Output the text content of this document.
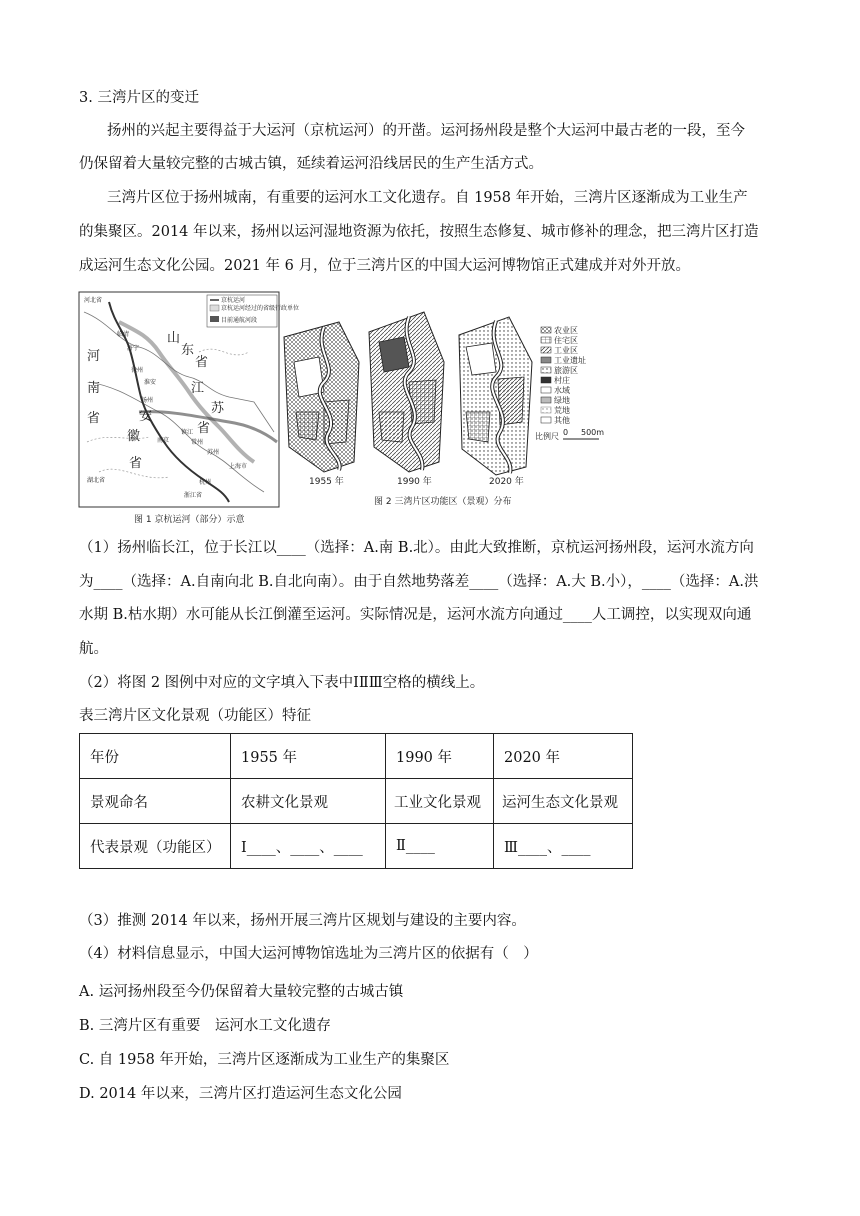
3. 三湾片区的变迁
扬州的兴起主要得益于大运河（京杭运河）的开凿。运河扬州段是整个大运河中最古老的一段，至今
仍保留着大量较完整的古城古镇，延续着运河沿线居民的生产生活方式。
三湾片区位于扬州城南，有重要的运河水工文化遗存。自 1958 年开始，三湾片区逐渐成为工业生产
的集聚区。2014 年以来，扬州以运河湿地资源为依托，按照生态修复、城市修补的理念，把三湾片区打造
成运河生态文化公园。2021 年 6 月，位于三湾片区的中国大运河博物馆正式建成并对外开放。
京杭运河
京杭运河经过的省级行政单位
目前通航河段
河北省
临清
济宁
徐州
淮安
扬州
南京
镇江
常州
苏州
上海市
杭州
浙江省
山
东
省
河
南
省	安
徽
省
江
苏
省
湖北省
图 1 京杭运河（部分）示意
1955 年	1990 年	2020 年
农业区
住宅区
工业区
工业遗址
旅游区
村庄
水域
绿地
荒地
其他
比例尺 0 500m
图 2 三湾片区功能区（景观）分布
（1）扬州临长江，位于长江以____（选择：A.南 B.北）。由此大致推断，京杭运河扬州段，运河水流方向
为____（选择：A.自南向北 B.自北向南）。由于自然地势落差____（选择：A.大 B.小），____（选择：A.洪
水期 B.枯水期）水可能从长江倒灌至运河。实际情况是，运河水流方向通过____人工调控，以实现双向通
航。
（2）将图 2 图例中对应的文字填入下表中ⅠⅡⅢ空格的横线上。
表三湾片区文化景观（功能区）特征
年份	1955 年	1990 年	2020 年
景观命名	农耕文化景观	工业文化景观	运河生态文化景观
代表景观（功能区）	Ⅰ____、____、____	Ⅱ____	Ⅲ____、____
（3）推测 2014 年以来，扬州开展三湾片区规划与建设的主要内容。
（4）材料信息显示，中国大运河博物馆选址为三湾片区的依据有（　）
A. 运河扬州段至今仍保留着大量较完整的古城古镇
B. 三湾片区有重要　运河水工文化遗存
C. 自 1958 年开始，三湾片区逐渐成为工业生产的集聚区
D. 2014 年以来，三湾片区打造运河生态文化公园
